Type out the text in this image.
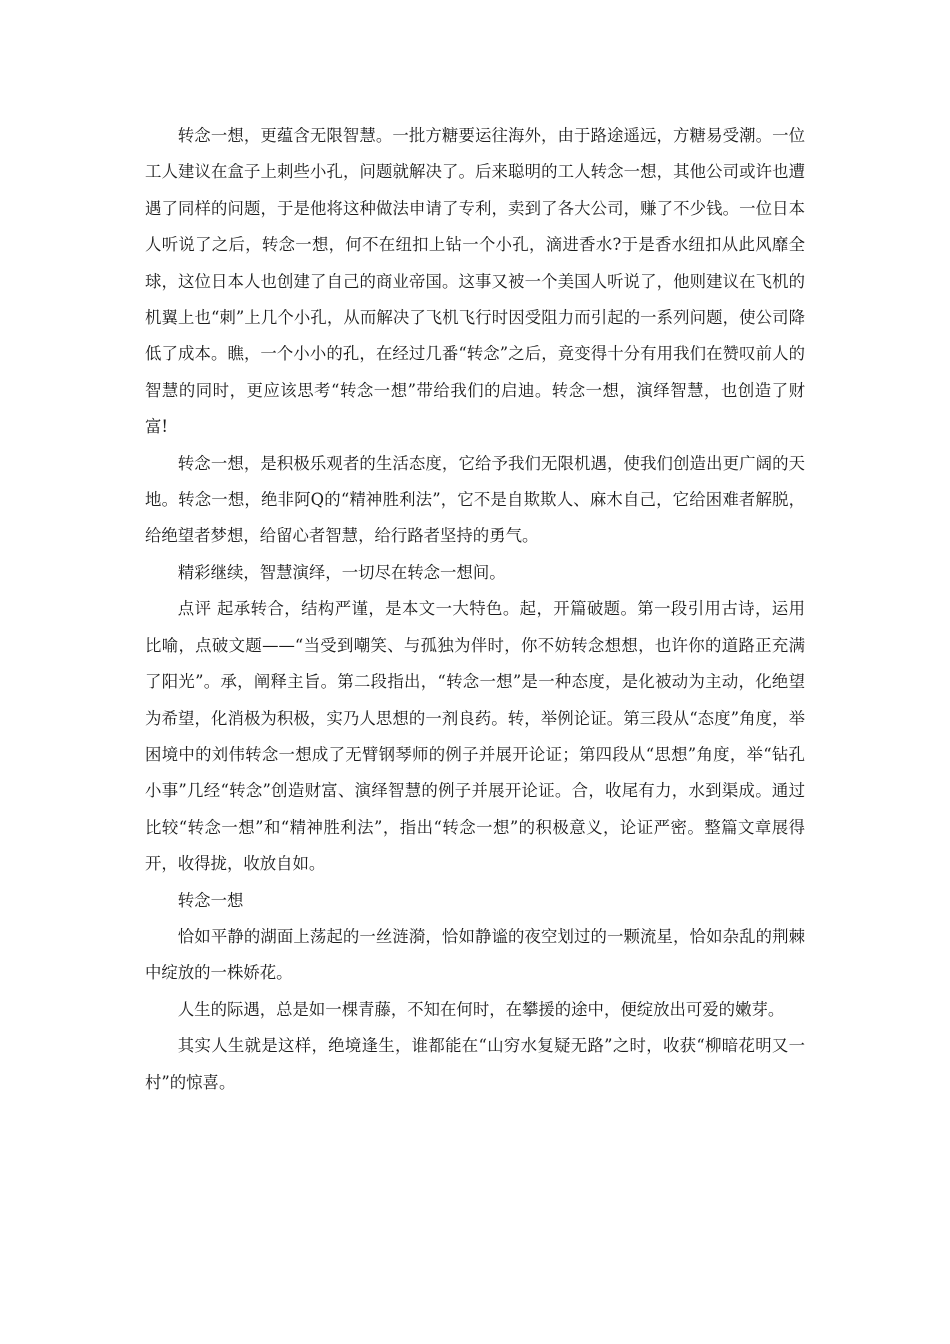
转念一想，更蕴含无限智慧。一批方糖要运往海外，由于路途遥远，方糖易受潮。一位工人建议在盒子上刺些小孔，问题就解决了。后来聪明的工人转念一想，其他公司或许也遭遇了同样的问题，于是他将这种做法申请了专利，卖到了各大公司，赚了不少钱。一位日本人听说了之后，转念一想，何不在纽扣上钻一个小孔，滴进香水?于是香水纽扣从此风靡全球，这位日本人也创建了自己的商业帝国。这事又被一个美国人听说了，他则建议在飞机的机翼上也“刺”上几个小孔，从而解决了飞机飞行时因受阻力而引起的一系列问题，使公司降低了成本。瞧，一个小小的孔，在经过几番“转念”之后，竟变得十分有用我们在赞叹前人的智慧的同时，更应该思考“转念一想”带给我们的启迪。转念一想，演绎智慧，也创造了财富!

转念一想，是积极乐观者的生活态度，它给予我们无限机遇，使我们创造出更广阔的天地。转念一想，绝非阿Q的“精神胜利法”，它不是自欺欺人、麻木自己，它给困难者解脱，给绝望者梦想，给留心者智慧，给行路者坚持的勇气。

精彩继续，智慧演绎，一切尽在转念一想间。

点评 起承转合，结构严谨，是本文一大特色。起，开篇破题。第一段引用古诗，运用比喻，点破文题——“当受到嘲笑、与孤独为伴时，你不妨转念想想，也许你的道路正充满了阳光”。承，阐释主旨。第二段指出，“转念一想”是一种态度，是化被动为主动，化绝望为希望，化消极为积极，实乃人思想的一剂良药。转，举例论证。第三段从“态度”角度，举困境中的刘伟转念一想成了无臂钢琴师的例子并展开论证；第四段从“思想”角度，举“钻孔小事”几经“转念”创造财富、演绎智慧的例子并展开论证。合，收尾有力，水到渠成。通过比较“转念一想”和“精神胜利法”，指出“转念一想”的积极意义，论证严密。整篇文章展得开，收得拢，收放自如。

转念一想

恰如平静的湖面上荡起的一丝涟漪，恰如静谧的夜空划过的一颗流星，恰如杂乱的荆棘中绽放的一株娇花。

人生的际遇，总是如一棵青藤，不知在何时，在攀援的途中，便绽放出可爱的嫩芽。

其实人生就是这样，绝境逢生，谁都能在“山穷水复疑无路”之时，收获“柳暗花明又一村”的惊喜。
